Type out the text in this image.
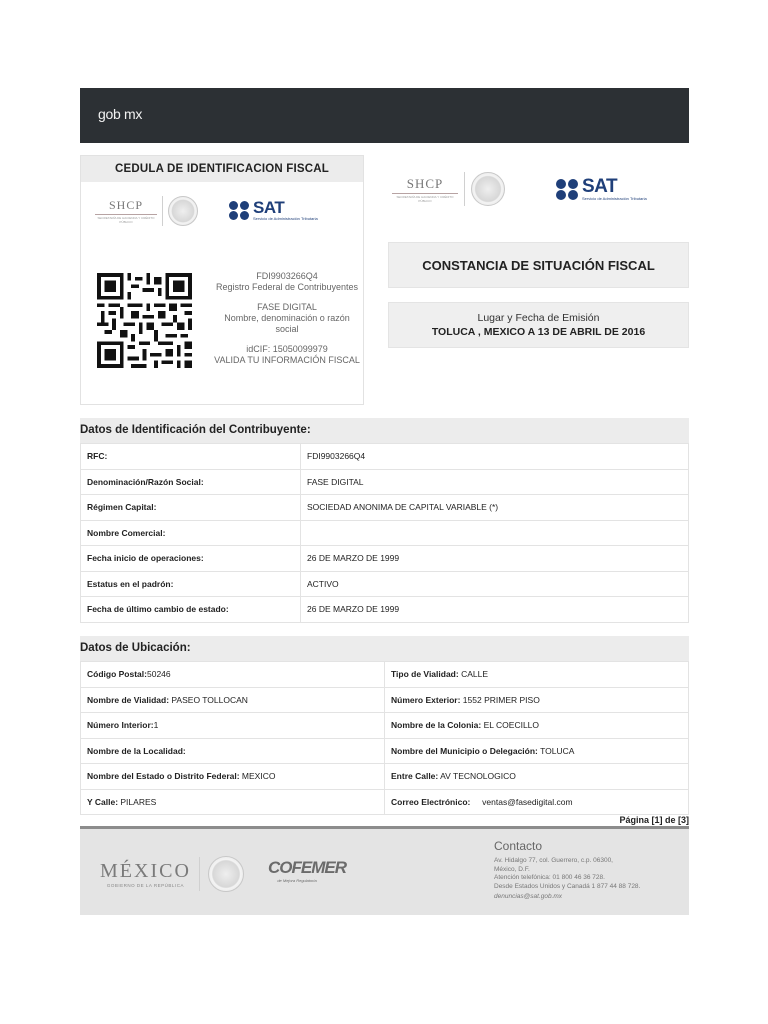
gob mx
CEDULA DE IDENTIFICACION FISCAL
SHCP
SECRETARÍA DE HACIENDA Y CRÉDITO PÚBLICO
SAT
Servicio de Administración Tributaria
FDI9903266Q4
Registro Federal de Contribuyentes
FASE DIGITAL
Nombre, denominación o razón social
idCIF: 15050099979
VALIDA TU INFORMACIÓN FISCAL
SHCP
SECRETARÍA DE HACIENDA Y CRÉDITO PÚBLICO
SAT
Servicio de Administración Tributaria
CONSTANCIA DE SITUACIÓN FISCAL
Lugar y Fecha de Emisión
TOLUCA , MEXICO A 13 DE ABRIL DE 2016
Datos de Identificación del Contribuyente:
RFC:	FDI9903266Q4
Denominación/Razón Social:	FASE DIGITAL
Régimen Capital:	SOCIEDAD ANONIMA DE CAPITAL VARIABLE (*)
Nombre Comercial:	
Fecha inicio de operaciones:	26 DE MARZO DE 1999
Estatus en el padrón:	ACTIVO
Fecha de último cambio de estado:	26 DE MARZO DE 1999
Datos de Ubicación:
Código Postal:50246	Tipo de Vialidad: CALLE
Nombre de Vialidad: PASEO TOLLOCAN	Número Exterior: 1552 PRIMER PISO
Número Interior:1	Nombre de la Colonia: EL COECILLO
Nombre de la Localidad:	Nombre del Municipio o Delegación: TOLUCA
Nombre del Estado o Distrito Federal: MEXICO	Entre Calle: AV TECNOLOGICO
Y Calle: PILARES	Correo Electrónico: ventas@fasedigital.com
Página [1] de [3]
MÉXICO
GOBIERNO DE LA REPÚBLICA
COFEMER
de Mejora Regulatoria
Contacto
Av. Hidalgo 77, col. Guerrero, c.p. 06300,
México, D.F.
Atención telefónica: 01 800 46 36 728.
Desde Estados Unidos y Canadá 1 877 44 88 728.
denuncias@sat.gob.mx
